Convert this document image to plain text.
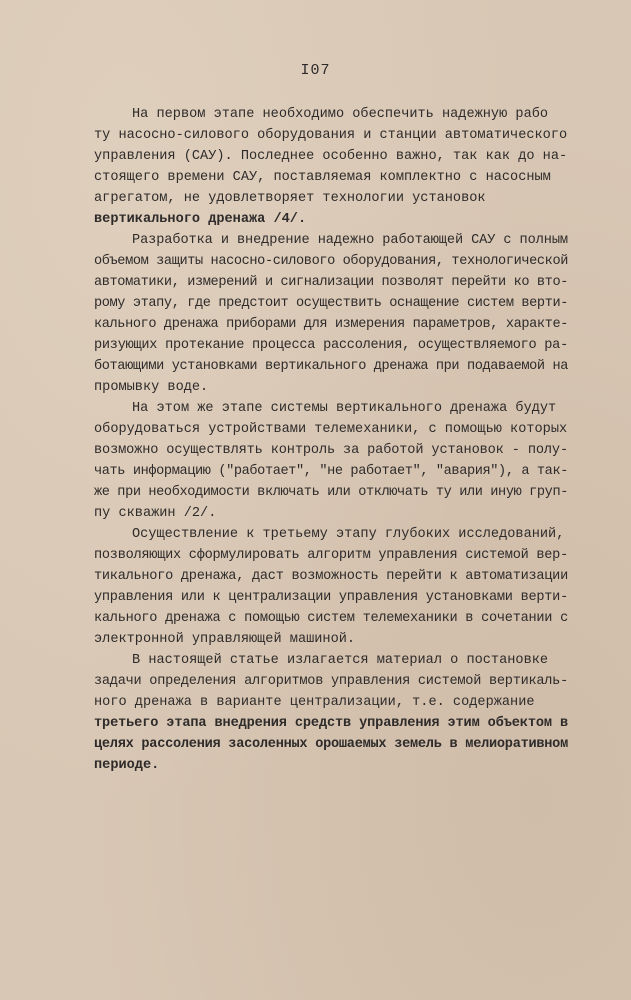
I07
На первом этапе необходимо обеспечить надежную рабо
ту насосно-силового оборудования и станции автоматического
управления (САУ). Последнее особенно важно, так как до на-
стоящего времени САУ, поставляемая комплектно с насосным
агрегатом, не удовлетворяет технологии установок
вертикального дренажа /4/.
Разработка и внедрение надежно работающей САУ с полным
объемом защиты насосно-силового оборудования, технологической
автоматики, измерений и сигнализации позволят перейти ко вто-
рому этапу, где предстоит осуществить оснащение систем верти-
кального дренажа приборами для измерения параметров, характе-
ризующих протекание процесса рассоления, осуществляемого ра-
ботающими установками вертикального дренажа при подаваемой на
промывку воде.
На этом же этапе системы вертикального дренажа будут
оборудоваться устройствами телемеханики, с помощью которых
возможно осуществлять контроль за работой установок - полу-
чать информацию ("работает", "не работает", "авария"), а так-
же при необходимости включать или отключать ту или иную груп-
пу скважин /2/.
Осуществление к третьему этапу глубоких исследований,
позволяющих сформулировать алгоритм управления системой вер-
тикального дренажа, даст возможность перейти к автоматизации
управления или к централизации управления установками верти-
кального дренажа с помощью систем телемеханики в сочетании с
электронной управляющей машиной.
В настоящей статье излагается материал о постановке
задачи определения алгоритмов управления системой вертикаль-
ного дренажа в варианте централизации, т.е. содержание
третьего этапа внедрения средств управления этим объектом в
целях рассоления засоленных орошаемых земель в мелиоративном
периоде.
